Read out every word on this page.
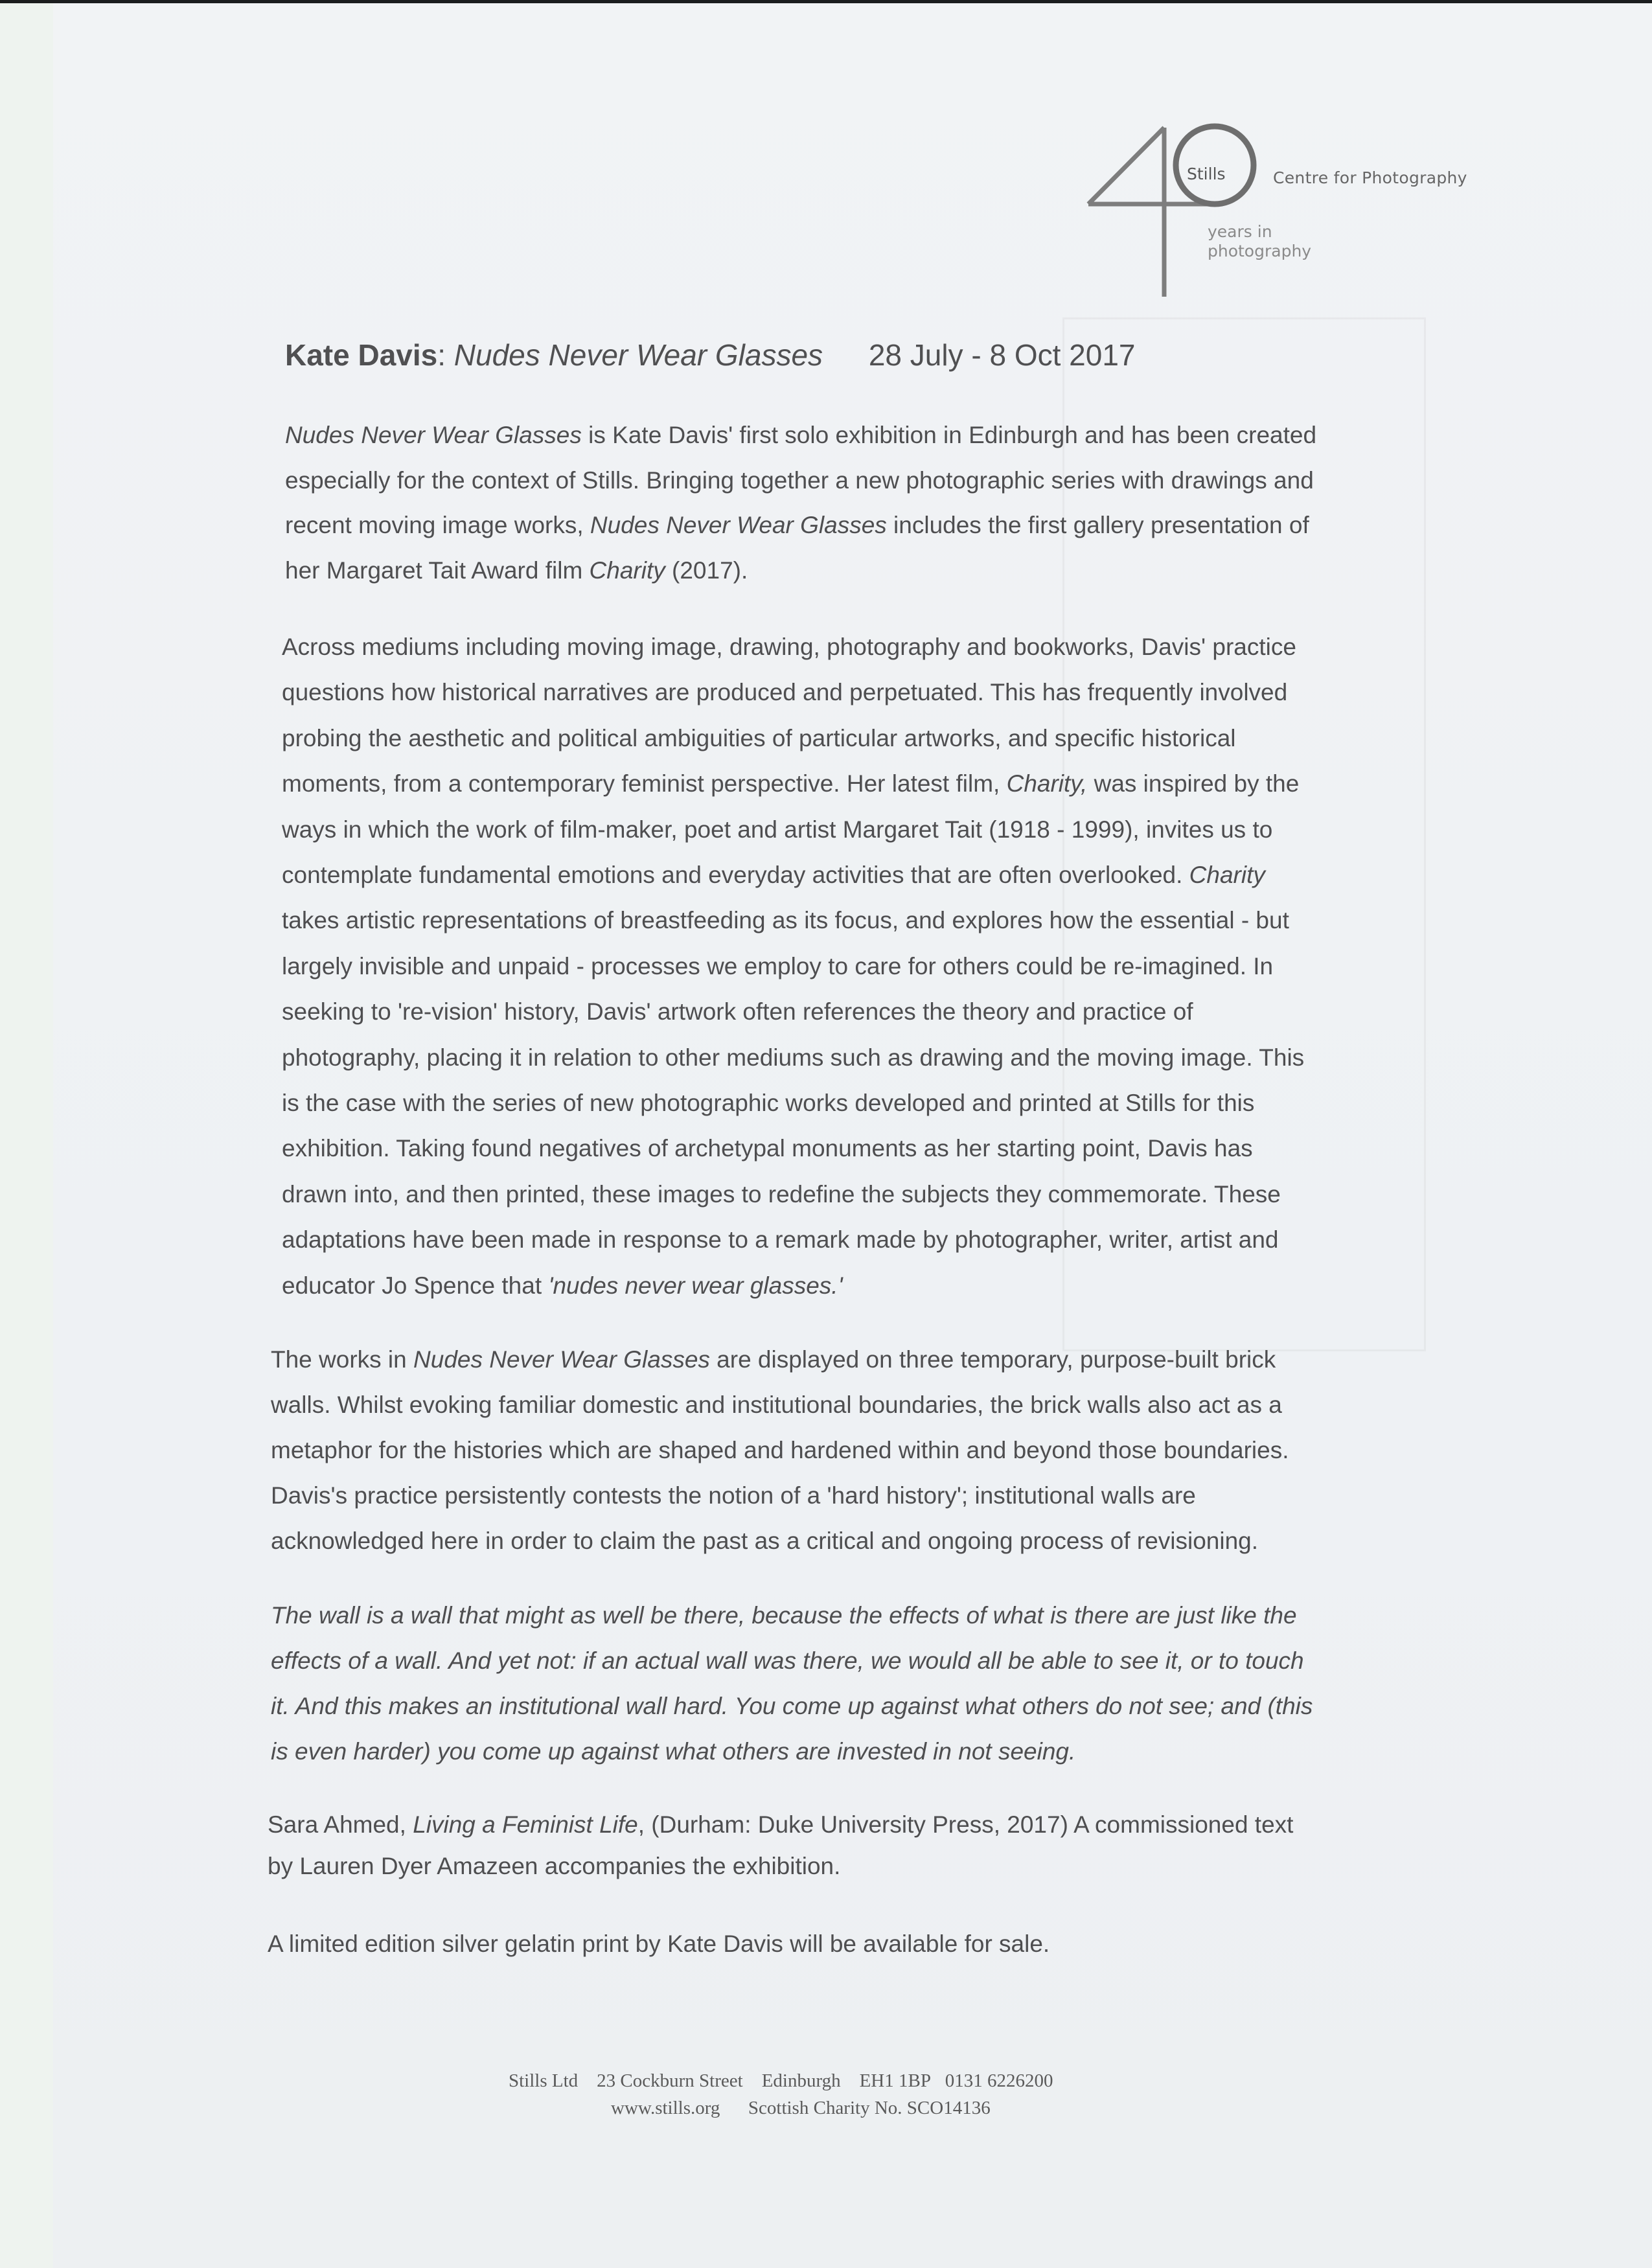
Stills	Centre for Photography
years in
photography
Kate Davis: Nudes Never Wear Glasses 28 July - 8 Oct 2017
Nudes Never Wear Glasses is Kate Davis' first solo exhibition in Edinburgh and has been created
especially for the context of Stills. Bringing together a new photographic series with drawings and
recent moving image works, Nudes Never Wear Glasses includes the first gallery presentation of
her Margaret Tait Award film Charity (2017).
Across mediums including moving image, drawing, photography and bookworks, Davis' practice
questions how historical narratives are produced and perpetuated. This has frequently involved
probing the aesthetic and political ambiguities of particular artworks, and specific historical
moments, from a contemporary feminist perspective. Her latest film, Charity, was inspired by the
ways in which the work of film-maker, poet and artist Margaret Tait (1918 - 1999), invites us to
contemplate fundamental emotions and everyday activities that are often overlooked. Charity
takes artistic representations of breastfeeding as its focus, and explores how the essential - but
largely invisible and unpaid - processes we employ to care for others could be re-imagined. In
seeking to 're-vision' history, Davis' artwork often references the theory and practice of
photography, placing it in relation to other mediums such as drawing and the moving image. This
is the case with the series of new photographic works developed and printed at Stills for this
exhibition. Taking found negatives of archetypal monuments as her starting point, Davis has
drawn into, and then printed, these images to redefine the subjects they commemorate. These
adaptations have been made in response to a remark made by photographer, writer, artist and
educator Jo Spence that 'nudes never wear glasses.'
The works in Nudes Never Wear Glasses are displayed on three temporary, purpose-built brick
walls. Whilst evoking familiar domestic and institutional boundaries, the brick walls also act as a
metaphor for the histories which are shaped and hardened within and beyond those boundaries.
Davis's practice persistently contests the notion of a 'hard history'; institutional walls are
acknowledged here in order to claim the past as a critical and ongoing process of revisioning.
The wall is a wall that might as well be there, because the effects of what is there are just like the
effects of a wall. And yet not: if an actual wall was there, we would all be able to see it, or to touch
it. And this makes an institutional wall hard. You come up against what others do not see; and (this
is even harder) you come up against what others are invested in not seeing.
Sara Ahmed, Living a Feminist Life, (Durham: Duke University Press, 2017) A commissioned text
by Lauren Dyer Amazeen accompanies the exhibition.
A limited edition silver gelatin print by Kate Davis will be available for sale.
Stills Ltd 23 Cockburn Street Edinburgh EH1 1BP 0131 6226200
www.stills.org Scottish Charity No. SCO14136
